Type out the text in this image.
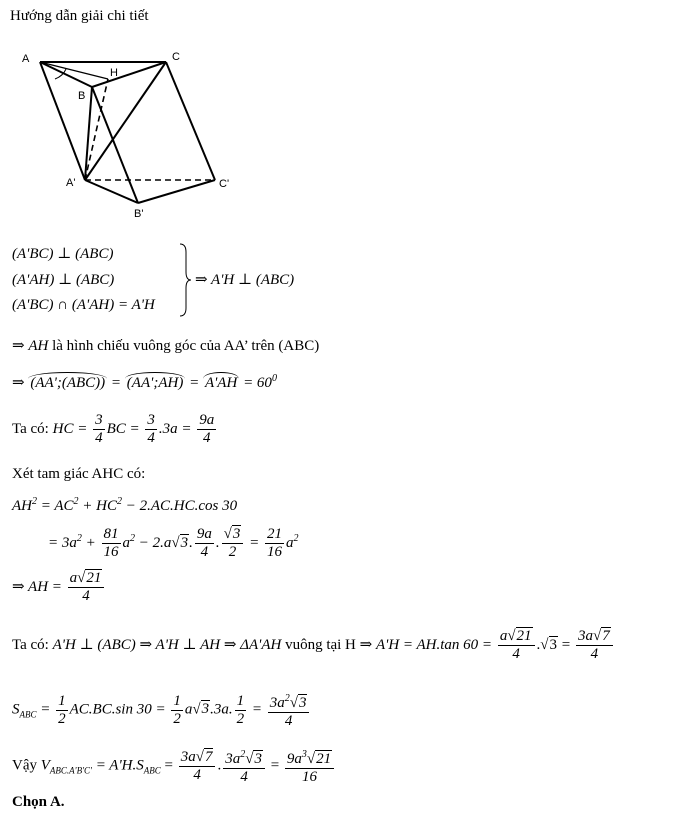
Hướng dẫn giải chi tiết
A
H
C
B
A'	C'
B'
(A'BC) ⊥ (ABC)
(A'AH) ⊥ (ABC)
(A'BC) ∩ (A'AH) = A'H
⇒ A'H ⊥ (ABC)
⇒ AH là hình chiếu vuông góc của AA’ trên (ABC)
⇒ (AA';(ABC)) = (AA';AH) = $A'AH = 60^0$
Ta có: HC = $\frac{3}{4}$ BC = $\frac{3}{4} .3a = \frac{9a}{4}$
Xét tam giác AHC có:
$AH^2 = AC^2 + HC^2 - 2.AC.HC.\cos$ 30
= $3a^2 + \frac{81}{16} a^2 - 2.a√3$. $\frac{9a}{4}$ . $\frac{√3}{2} = \frac{21}{16} a^2$
⇒ AH = $\frac{a√21}{4}$
Ta có: A'H ⊥ (ABC) ⇒ A'H ⊥ AH ⇒ ΔA'AH vuông tại H ⇒ A'H = AH.tan $60 = \frac{a√21}{4} .√3 = \frac{3a√7}{4}$
$S_{ABC} = \frac{1}{2} AC.BC.\sin$ $30 = \frac{1}{2} a√3.3a$. $\frac{1}{2} = \frac{3a^2√3}{4}$
Vậy $V_{ABC.A'B'C'} = A'H.S_{ABC} = \frac{3a√7}{4}$ . $\frac{3a^2√3}{4} = \frac{9a^3√21}{16}$
Chọn A.
